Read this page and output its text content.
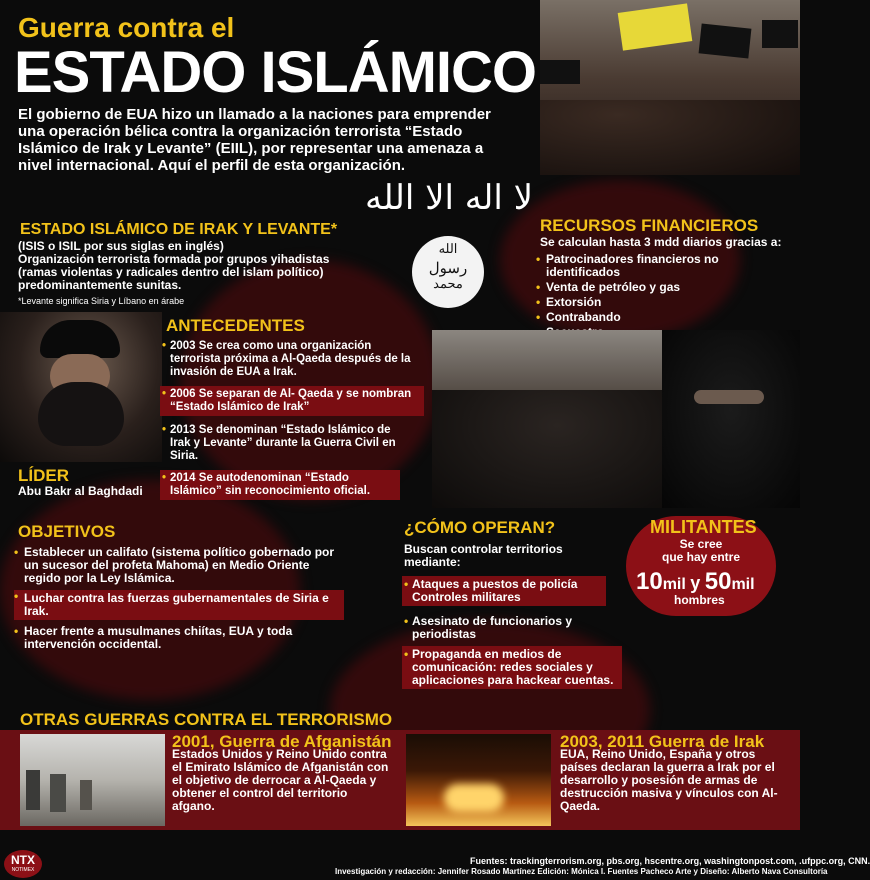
Guerra contra el
ESTADO ISLÁMICO
El gobierno de EUA hizo un llamado a la naciones para emprender una operación bélica contra la organización terrorista “Estado Islámico de Irak y Levante” (EIIL), por representar una amenaza a nivel internacional. Aquí el perfil de esta organización.
لا اله الا الله
الله
رسول
محمد
ESTADO ISLÁMICO DE IRAK Y LEVANTE*
(ISIS o ISIL por sus siglas en inglés)
Organización terrorista formada por grupos yihadistas (ramas violentas y radicales dentro del islam político) predominantemente sunitas.
*Levante significa Siria y Líbano en árabe
LÍDER
Abu Bakr al Baghdadi
ANTECEDENTES
• 2003 Se crea como una organización terrorista próxima a Al-Qaeda después de la invasión de EUA a Irak.
• 2006 Se separan de Al- Qaeda y se nombran “Estado Islámico de Irak”
• 2013 Se denominan “Estado Islámico de Irak y Levante” durante la Guerra Civil en Siria.
• 2014 Se autodenominan “Estado Islámico” sin reconocimiento oficial.
RECURSOS FINANCIEROS
Se calculan hasta 3 mdd diarios gracias a:
• Patrocinadores financieros no identificados
• Venta de petróleo y gas
• Extorsión
• Contrabando
•
OBJETIVOS
• Establecer un califato (sistema político gobernado por un sucesor del profeta Mahoma) en Medio Oriente regido por la Ley Islámica.
• Luchar contra las fuerzas gubernamentales de Siria e Irak.
• Hacer frente a musulmanes chiítas, EUA y toda intervención occidental.
¿CÓMO OPERAN?
Buscan controlar territorios mediante:
• Ataques a puestos de policía Controles militares
• Asesinato de funcionarios y periodistas
• Propaganda en medios de comunicación: redes sociales y aplicaciones para hackear cuentas.
MILITANTES
Se cree
que hay entre
10mil y 50mil
hombres
OTRAS GUERRAS CONTRA EL TERRORISMO
2001, Guerra de Afganistán
Estados Unidos y Reino Unido contra el Emirato Islámico de Afganistán con el objetivo de derrocar a Al-Qaeda y obtener el control del territorio afgano.
2003, 2011 Guerra de Irak
EUA, Reino Unido, España y otros países declaran la guerra a Irak por el desarrollo y posesión de armas de destrucción masiva y vínculos con Al-Qaeda.
Fuentes: trackingterrorism.org, pbs.org, hscentre.org, washingtonpost.com, .ufppc.org, CNN.
Investigación y redacción: Jennifer Rosado Martínez Edición: Mónica I. Fuentes Pacheco Arte y Diseño: Alberto Nava Consultoría
NTX
NOTIMEX
